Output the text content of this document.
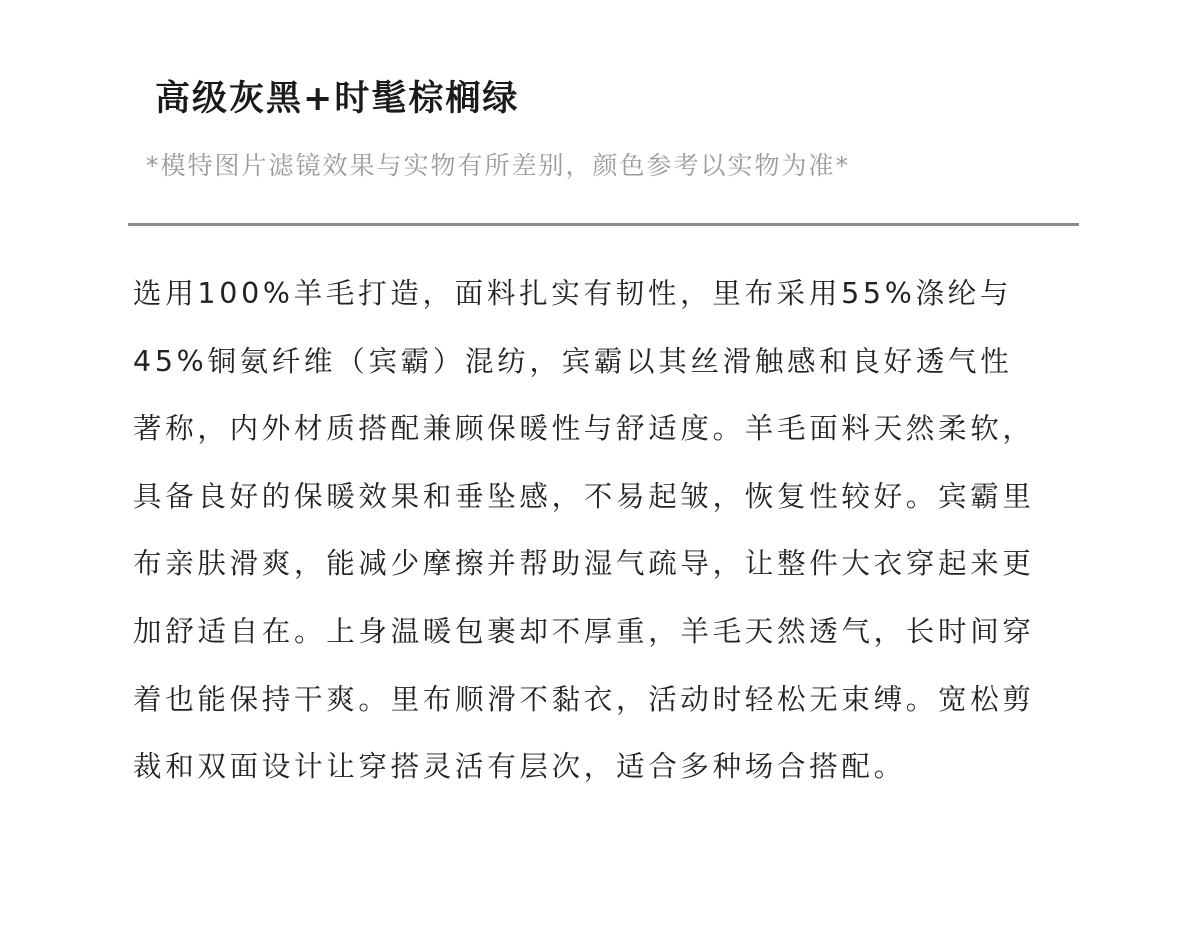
高级灰黑+时髦棕榈绿
*模特图片滤镜效果与实物有所差别，颜色参考以实物为准*
选用100%羊毛打造，面料扎实有韧性，里布采用55%涤纶与
45%铜氨纤维（宾霸）混纺，宾霸以其丝滑触感和良好透气性
著称，内外材质搭配兼顾保暖性与舒适度。羊毛面料天然柔软，
具备良好的保暖效果和垂坠感，不易起皱，恢复性较好。宾霸里
布亲肤滑爽，能减少摩擦并帮助湿气疏导，让整件大衣穿起来更
加舒适自在。上身温暖包裹却不厚重，羊毛天然透气，长时间穿
着也能保持干爽。里布顺滑不黏衣，活动时轻松无束缚。宽松剪
裁和双面设计让穿搭灵活有层次，适合多种场合搭配。
